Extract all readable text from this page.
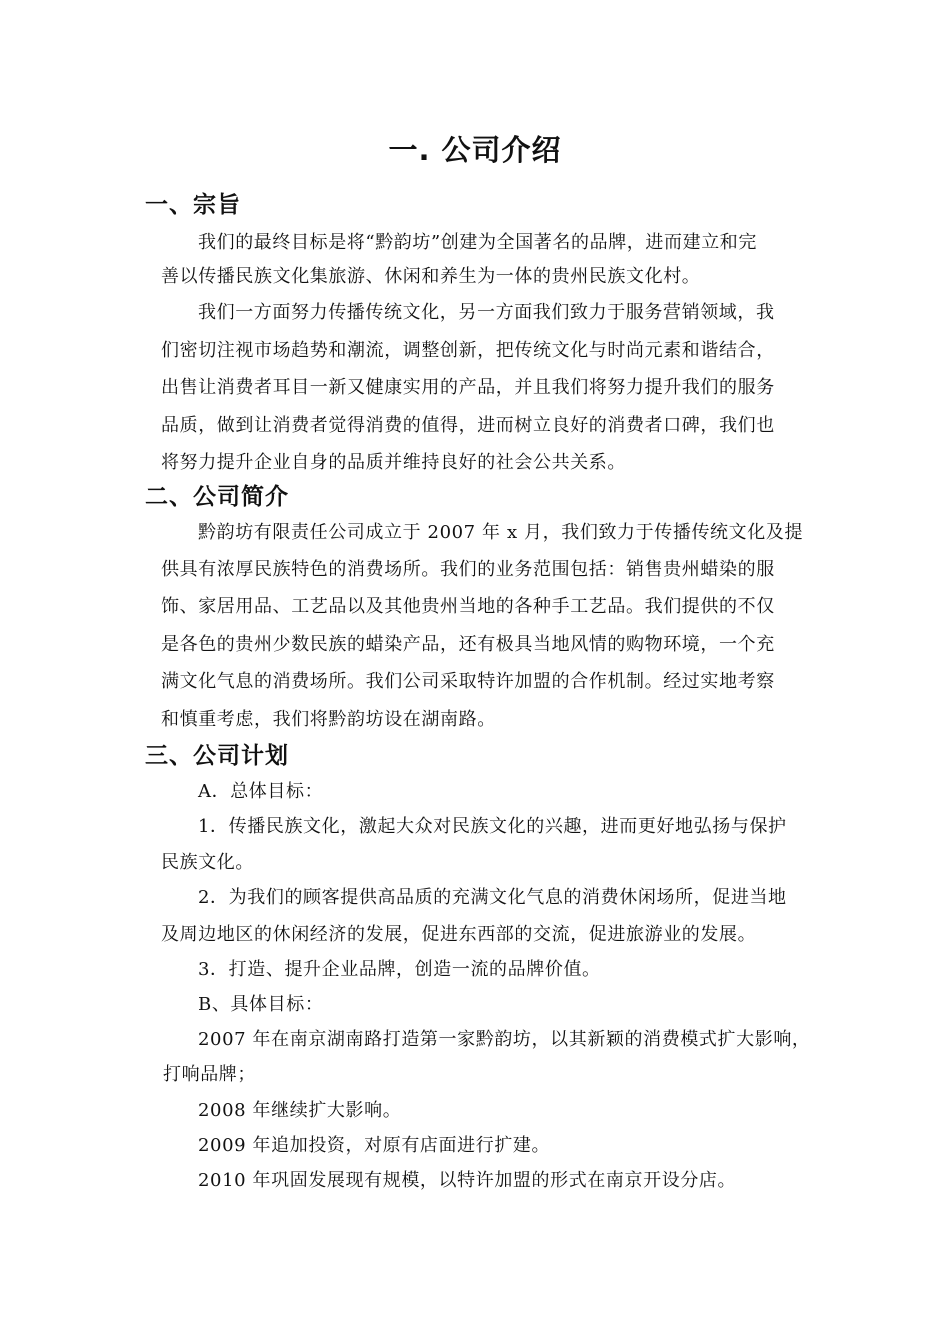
一. 公司介绍
一、宗旨
我们的最终目标是将“黔韵坊”创建为全国著名的品牌，进而建立和完
善以传播民族文化集旅游、休闲和养生为一体的贵州民族文化村。
我们一方面努力传播传统文化，另一方面我们致力于服务营销领域，我
们密切注视市场趋势和潮流，调整创新，把传统文化与时尚元素和谐结合，
出售让消费者耳目一新又健康实用的产品，并且我们将努力提升我们的服务
品质，做到让消费者觉得消费的值得，进而树立良好的消费者口碑，我们也
将努力提升企业自身的品质并维持良好的社会公共关系。
二、公司简介
黔韵坊有限责任公司成立于 2007 年 x 月，我们致力于传播传统文化及提
供具有浓厚民族特色的消费场所。我们的业务范围包括：销售贵州蜡染的服
饰、家居用品、工艺品以及其他贵州当地的各种手工艺品。我们提供的不仅
是各色的贵州少数民族的蜡染产品，还有极具当地风情的购物环境，一个充
满文化气息的消费场所。我们公司采取特许加盟的合作机制。经过实地考察
和慎重考虑，我们将黔韵坊设在湖南路。
三、公司计划
A．总体目标：
1．传播民族文化，激起大众对民族文化的兴趣，进而更好地弘扬与保护
民族文化。
2．为我们的顾客提供高品质的充满文化气息的消费休闲场所，促进当地
及周边地区的休闲经济的发展，促进东西部的交流，促进旅游业的发展。
3．打造、提升企业品牌，创造一流的品牌价值。
B、具体目标：
2007 年在南京湖南路打造第一家黔韵坊，以其新颖的消费模式扩大影响，
打响品牌；
2008 年继续扩大影响。
2009 年追加投资，对原有店面进行扩建。
2010 年巩固发展现有规模，以特许加盟的形式在南京开设分店。
